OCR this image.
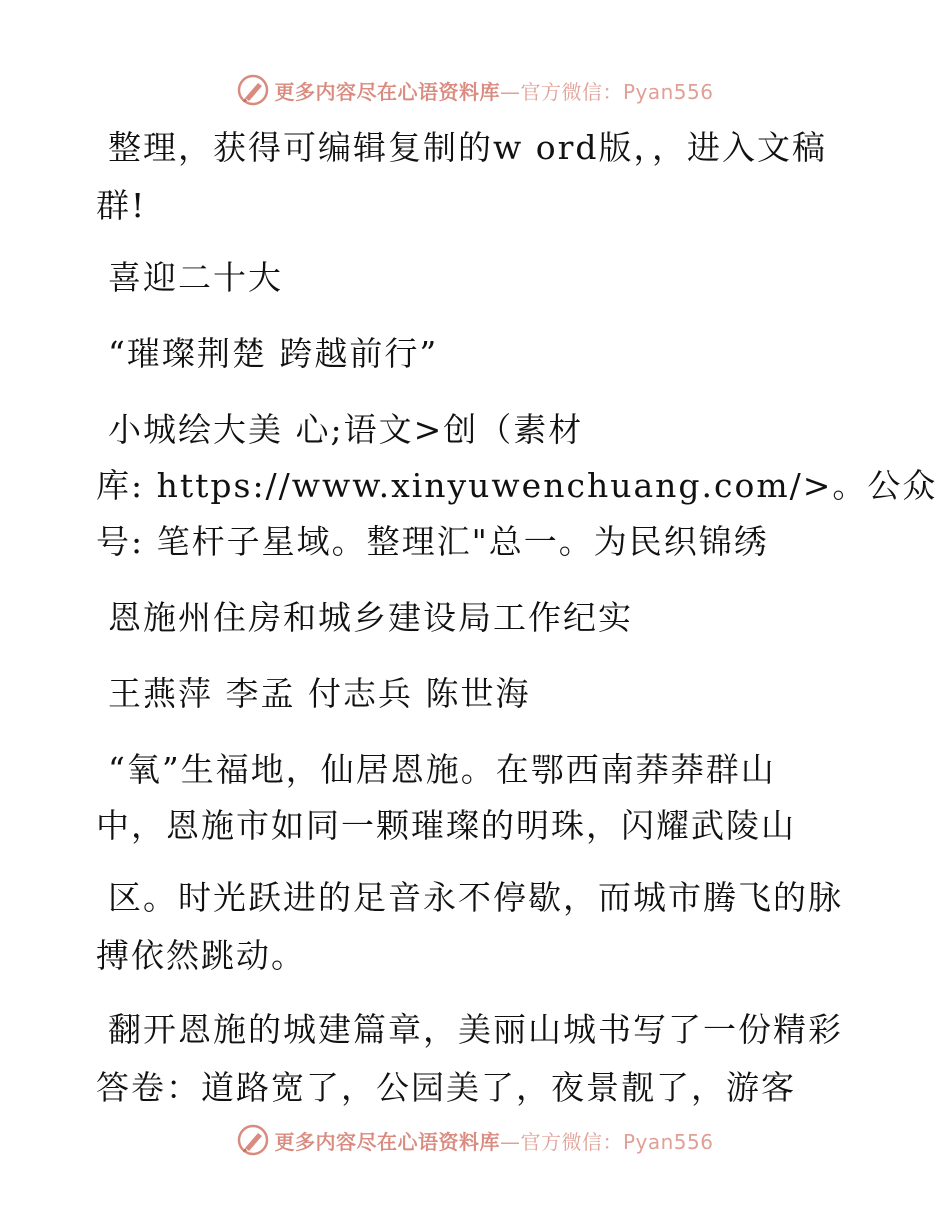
更多内容尽在心语资料库—官方微信：Pyan556
整理，获得可编辑复制的w ord版，，进入文稿
群!
喜迎二十大
“璀璨荆楚 跨越前行”
小城绘大美 心;语文>创（素材
库: https://www.xinyuwenchuang.com/>。公众
号: 笔杆子星域。整理汇"总一。为民织锦绣
恩施州住房和城乡建设局工作纪实
王燕萍 李孟 付志兵 陈世海
“氧”生福地，仙居恩施。在鄂西南莽莽群山
中，恩施市如同一颗璀璨的明珠，闪耀武陵山
区。时光跃进的足音永不停歇，而城市腾飞的脉
搏依然跳动。
翻开恩施的城建篇章，美丽山城书写了一份精彩
答卷：道路宽了，公园美了，夜景靓了，游客
更多内容尽在心语资料库—官方微信：Pyan556
